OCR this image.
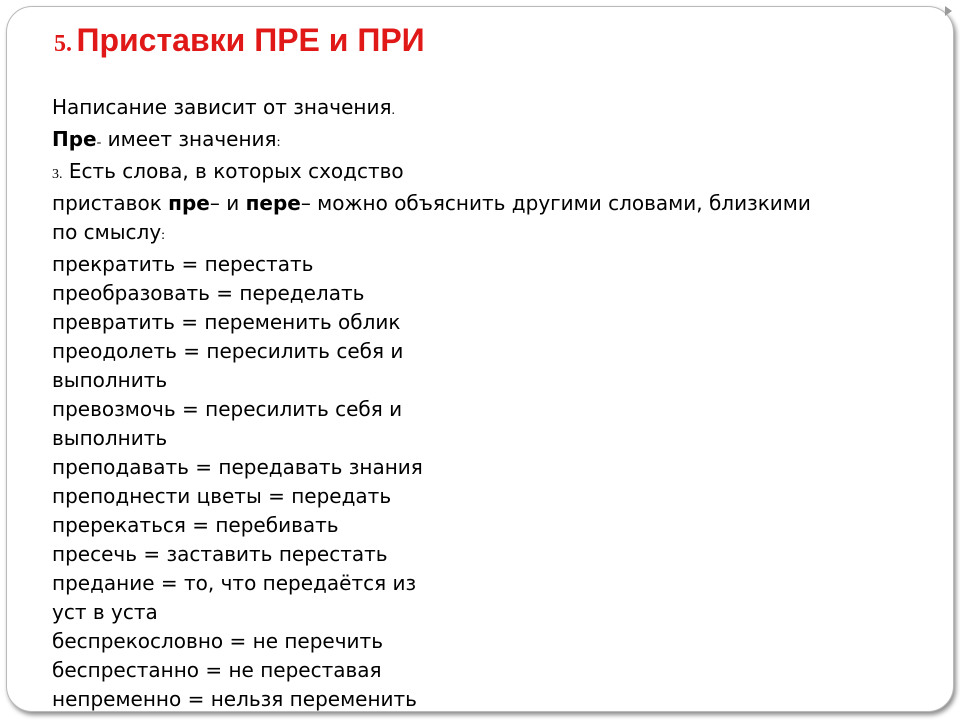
5. Приставки ПРЕ и ПРИ
Написание зависит от значения.
Пре- имеет значения:
3. Есть слова, в которых сходство
приставок пре– и пере– можно объяснить другими словами, близкими
по смыслу:
прекратить = перестать
преобразовать = переделать
превратить = переменить облик
преодолеть = пересилить себя и
выполнить
превозмочь = пересилить себя и
выполнить
преподавать = передавать знания
преподнести цветы = передать
пререкаться = перебивать
пресечь = заставить перестать
предание = то, что передаётся из
уст в уста
беспрекословно = не перечить
беспрестанно = не переставая
непременно = нельзя переменить
